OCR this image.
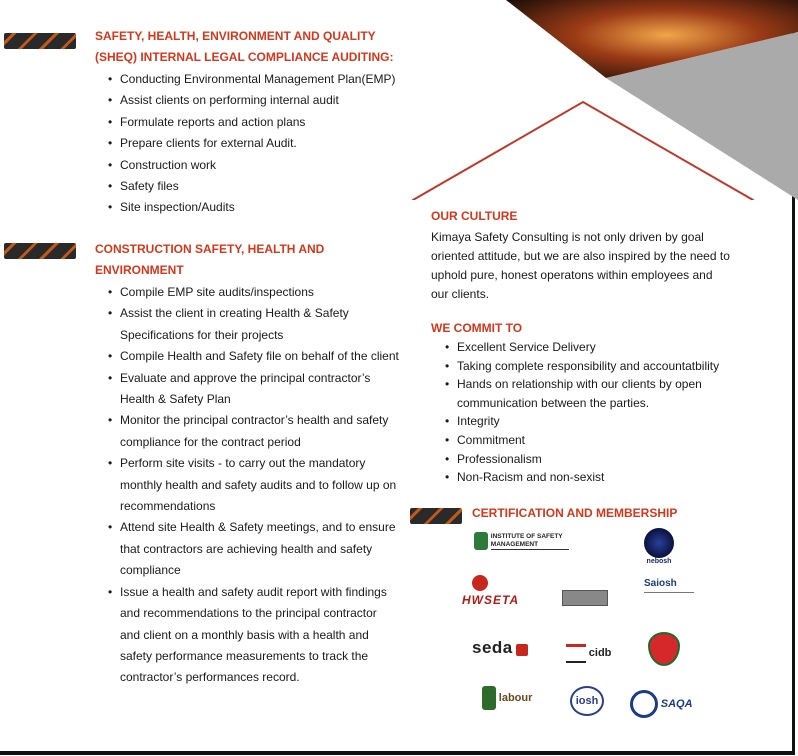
SAFETY, HEALTH, ENVIRONMENT AND QUALITY
(SHEQ) INTERNAL LEGAL COMPLIANCE AUDITING:
• Conducting Environmental Management Plan(EMP)
• Assist clients on performing internal audit
• Formulate reports and action plans
• Prepare clients for external Audit.
• Construction work
• Safety files
• Site inspection/Audits
CONSTRUCTION SAFETY, HEALTH AND
ENVIRONMENT
• Compile EMP site audits/inspections
• Assist the client in creating Health & Safety
Specifications for their projects
• Compile Health and Safety file on behalf of the client
• Evaluate and approve the principal contractor’s
Health & Safety Plan
• Monitor the principal contractor’s health and safety
compliance for the contract period
• Perform site visits - to carry out the mandatory
monthly health and safety audits and to follow up on
recommendations
• Attend site Health & Safety meetings, and to ensure
that contractors are achieving health and safety
compliance
• Issue a health and safety audit report with findings
and recommendations to the principal contractor
and client on a monthly basis with a health and
safety performance measurements to track the
contractor’s performances record.
OUR CULTURE
Kimaya Safety Consulting is not only driven by goal
oriented attitude, but we are also inspired by the need to
uphold pure, honest operatons within employees and
our clients.
WE COMMIT TO
• Excellent Service Delivery
• Taking complete responsibility and accountatbility
• Hands on relationship with our clients by open
communication between the parties.
• Integrity
• Commitment
• Professionalism
• Non-Racism and non-sexist
CERTIFICATION AND MEMBERSHIP
INSTITUTE OF SAFETY MANAGEMENT
nebosh
HWSETA
Saiosh
seda	cidb
labour	iosh	SAQA
